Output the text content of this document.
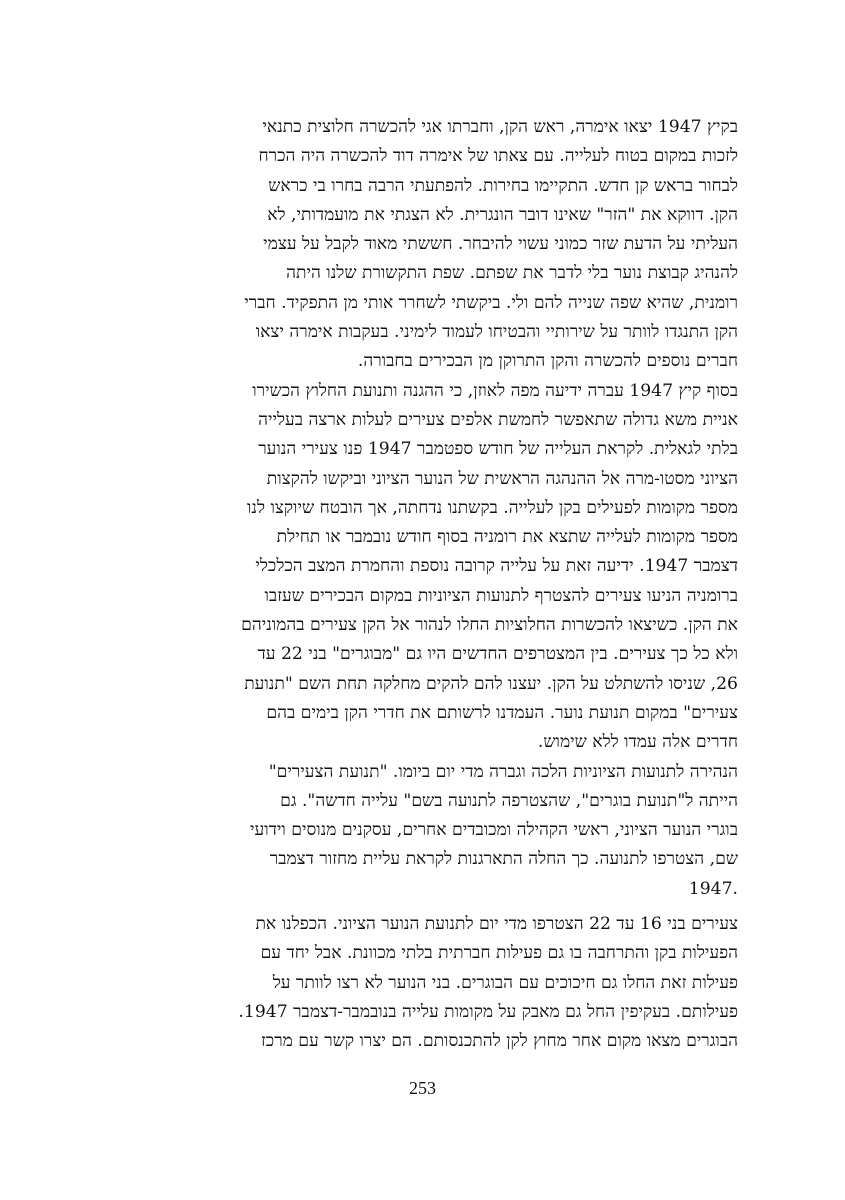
בקיץ 1947 יצאו אימרה, ראש הקן, וחברתו אגי להכשרה חלוצית כתנאי
לזכות במקום בטוח לעלייה. עם צאתו של אימרה דוד להכשרה היה הכרח
לבחור בראש קן חדש. התקיימו בחירות. להפתעתי הרבה בחרו בי כראש
הקן. דווקא את "הזר" שאינו דובר הונגרית. לא הצגתי את מועמדותי, לא
העליתי על הדעת שזר כמוני עשוי להיבחר. חששתי מאוד לקבל על עצמי
להנהיג קבוצת נוער בלי לדבר את שפתם. שפת התקשורת שלנו היתה
רומנית, שהיא שפה שנייה להם ולי. ביקשתי לשחרר אותי מן התפקיד. חברי
הקן התנגדו לוותר על שירותיי והבטיחו לעמוד לימיני. בעקבות אימרה יצאו
חברים נוספים להכשרה והקן התרוקן מן הבכירים בחבורה.
בסוף קיץ 1947 עברה ידיעה מפה לאוזן, כי ההגנה ותנועת החלוץ הכשירו
אניית משא גדולה שתאפשר לחמשת אלפים צעירים לעלות ארצה בעלייה
בלתי לגאלית. לקראת העלייה של חודש ספטמבר 1947 פנו צעירי הנוער
הציוני מסטו-מרה אל ההנהגה הראשית של הנוער הציוני וביקשו להקצות
מספר מקומות לפעילים בקן לעלייה. בקשתנו נדחתה, אך הובטח שיוקצו לנו
מספר מקומות לעלייה שתצא את רומניה בסוף חודש נובמבר או תחילת
דצמבר 1947. ידיעה זאת על עלייה קרובה נוספת והחמרת המצב הכלכלי
ברומניה הניעו צעירים להצטרף לתנועות הציוניות במקום הבכירים שעזבו
את הקן. כשיצאו להכשרות החלוציות החלו לנהור אל הקן צעירים בהמוניהם
ולא כל כך צעירים. בין המצטרפים החדשים היו גם "מבוגרים" בני 22 עד
26, שניסו להשתלט על הקן. יעצנו להם להקים מחלקה תחת השם "תנועת
צעירים" במקום תנועת נוער. העמדנו לרשותם את חדרי הקן בימים בהם
חדרים אלה עמדו ללא שימוש.
הנהירה לתנועות הציוניות הלכה וגברה מדי יום ביומו. "תנועת הצעירים"
הייתה ל"תנועת בוגרים", שהצטרפה לתנועה בשם" עלייה חדשה". גם
בוגרי הנוער הציוני, ראשי הקהילה ומכובדים אחרים, עסקנים מנוסים וידועי
שם, הצטרפו לתנועה. כך החלה התארגנות לקראת עליית מחזור דצמבר
.1947
צעירים בני 16 עד 22 הצטרפו מדי יום לתנועת הנוער הציוני. הכפלנו את
הפעילות בקן והתרחבה בו גם פעילות חברתית בלתי מכוונת. אבל יחד עם
פעילות זאת החלו גם חיכוכים עם הבוגרים. בני הנוער לא רצו לוותר על
פעילותם. בעקיפין החל גם מאבק על מקומות עלייה בנובמבר-דצמבר 1947.
הבוגרים מצאו מקום אחר מחוץ לקן להתכנסותם. הם יצרו קשר עם מרכז
253
